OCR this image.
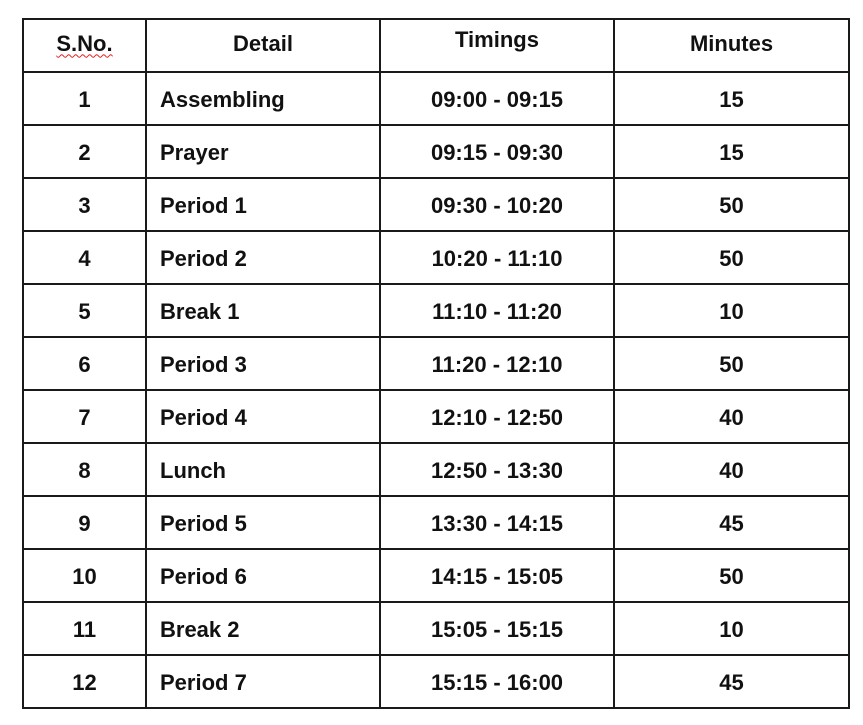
S.No.	Detail	Timings	Minutes
1	Assembling	09:00 - 09:15	15
2	Prayer	09:15 - 09:30	15
3	Period 1	09:30 - 10:20	50
4	Period 2	10:20 - 11:10	50
5	Break 1	11:10 - 11:20	10
6	Period 3	11:20 - 12:10	50
7	Period 4	12:10 - 12:50	40
8	Lunch	12:50 - 13:30	40
9	Period 5	13:30 - 14:15	45
10	Period 6	14:15 - 15:05	50
11	Break 2	15:05 - 15:15	10
12	Period 7	15:15 - 16:00	45
